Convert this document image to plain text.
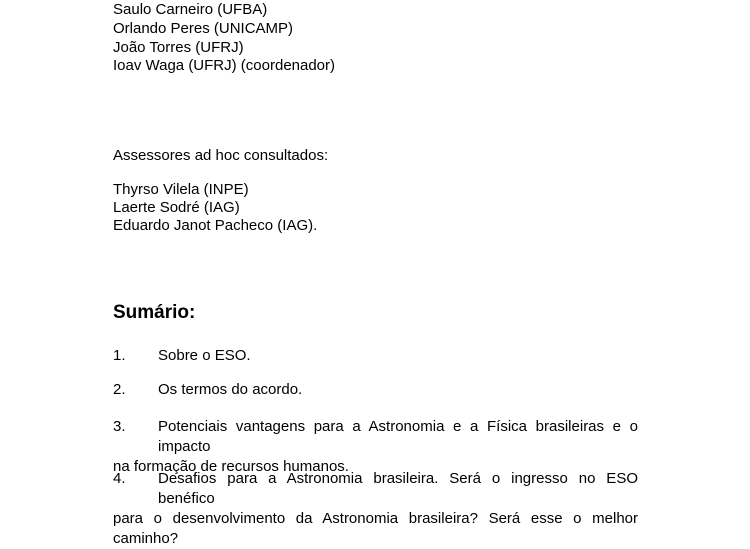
Saulo Carneiro (UFBA)
Orlando Peres (UNICAMP)
João Torres (UFRJ)
Ioav Waga (UFRJ) (coordenador)
Assessores ad hoc consultados:
Thyrso Vilela (INPE)
Laerte Sodré (IAG)
Eduardo Janot Pacheco (IAG).
Sumário:
1.	Sobre o ESO.
2.	Os termos do acordo.
3.	Potenciais vantagens para a Astronomia e a Física brasileiras e o impacto
na formação de recursos humanos.
4.	Desafios para a Astronomia brasileira. Será o ingresso no ESO benéfico
para o desenvolvimento da Astronomia brasileira? Será esse o melhor caminho?
